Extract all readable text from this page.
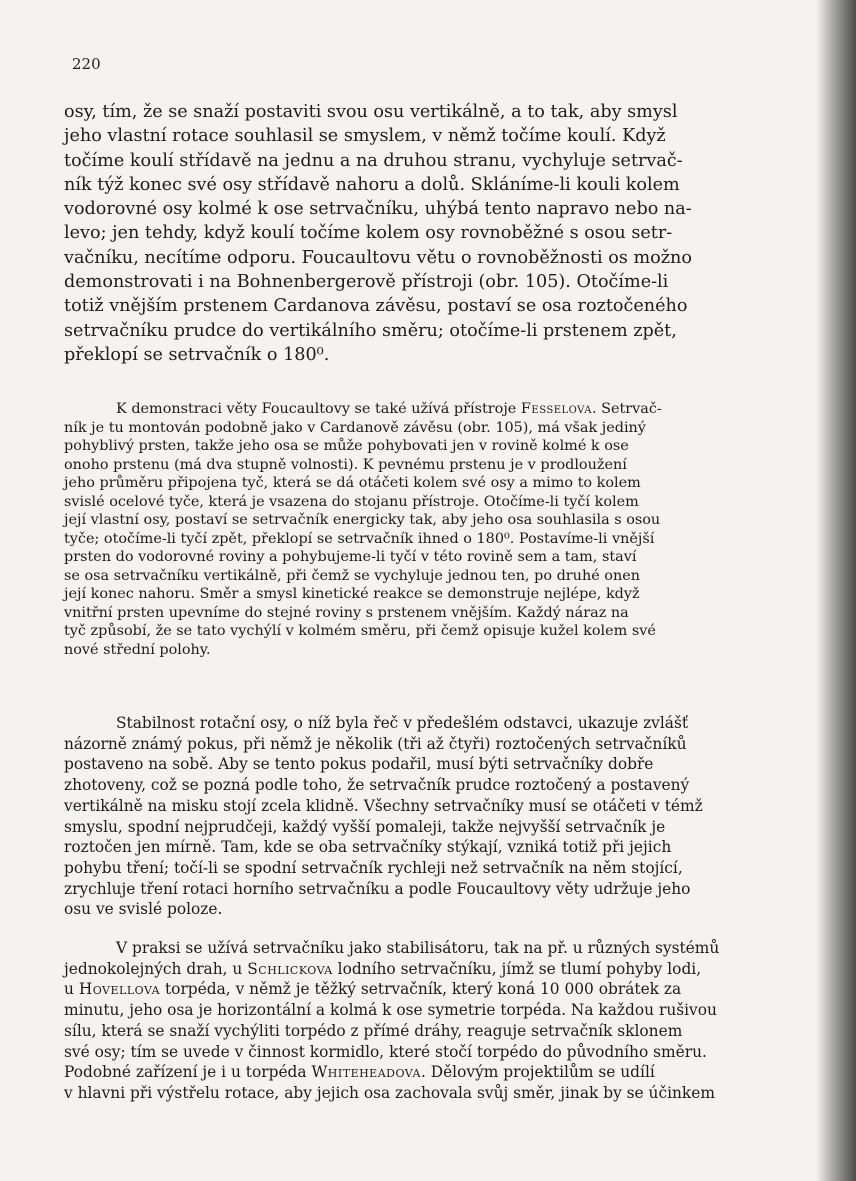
220
osy, tím, že se snaží postaviti svou osu vertikálně, a to tak, aby smysl
jeho vlastní rotace souhlasil se smyslem, v němž točíme koulí. Když
točíme koulí střídavě na jednu a na druhou stranu, vychyluje setrvač-
ník týž konec své osy střídavě nahoru a dolů. Skláníme-li kouli kolem
vodorovné osy kolmé k ose setrvačníku, uhýbá tento napravo nebo na-
levo; jen tehdy, když koulí točíme kolem osy rovnoběžné s osou setr-
vačníku, necítíme odporu. Foucaultovu větu o rovnoběžnosti os možno
demonstrovati i na Bohnenbergerově přístroji (obr. 105). Otočíme-li
totiž vnějším prstenem Cardanova závěsu, postaví se osa roztočeného
setrvačníku prudce do vertikálního směru; otočíme-li prstenem zpět,
překlopí se setrvačník o 180⁰.
K demonstraci věty Foucaultovy se také užívá přístroje Fesselova. Setrvač-
ník je tu montován podobně jako v Cardanově závěsu (obr. 105), má však jediný
pohyblivý prsten, takže jeho osa se může pohybovati jen v rovině kolmé k ose
onoho prstenu (má dva stupně volnosti). K pevnému prstenu je v prodloužení
jeho průměru připojena tyč, která se dá otáčeti kolem své osy a mimo to kolem
svislé ocelové tyče, která je vsazena do stojanu přístroje. Otočíme-li tyčí kolem
její vlastní osy, postaví se setrvačník energicky tak, aby jeho osa souhlasila s osou
tyče; otočíme-li tyčí zpět, překlopí se setrvačník ihned o 180⁰. Postavíme-li vnější
prsten do vodorovné roviny a pohybujeme-li tyčí v této rovině sem a tam, staví
se osa setrvačníku vertikálně, při čemž se vychyluje jednou ten, po druhé onen
její konec nahoru. Směr a smysl kinetické reakce se demonstruje nejlépe, když
vnitřní prsten upevníme do stejné roviny s prstenem vnějším. Každý náraz na
tyč způsobí, že se tato vychýlí v kolmém směru, při čemž opisuje kužel kolem své
nové střední polohy.
Stabilnost rotační osy, o níž byla řeč v předešlém odstavci, ukazuje zvlášť
názorně známý pokus, při němž je několik (tři až čtyři) roztočených setrvačníků
postaveno na sobě. Aby se tento pokus podařil, musí býti setrvačníky dobře
zhotoveny, což se pozná podle toho, že setrvačník prudce roztočený a postavený
vertikálně na misku stojí zcela klidně. Všechny setrvačníky musí se otáčeti v témž
smyslu, spodní nejprudčeji, každý vyšší pomaleji, takže nejvyšší setrvačník je
roztočen jen mírně. Tam, kde se oba setrvačníky stýkají, vzniká totiž při jejich
pohybu tření; točí-li se spodní setrvačník rychleji než setrvačník na něm stojící,
zrychluje tření rotaci horního setrvačníku a podle Foucaultovy věty udržuje jeho
osu ve svislé poloze.
V praksi se užívá setrvačníku jako stabilisátoru, tak na př. u různých systémů
jednokolejných drah, u Schlickova lodního setrvačníku, jímž se tlumí pohyby lodi,
u Hovellova torpéda, v němž je těžký setrvačník, který koná 10 000 obrátek za
minutu, jeho osa je horizontální a kolmá k ose symetrie torpéda. Na každou rušivou
sílu, která se snaží vychýliti torpédo z přímé dráhy, reaguje setrvačník sklonem
své osy; tím se uvede v činnost kormidlo, které stočí torpédo do původního směru.
Podobné zařízení je i u torpéda Whiteheadova. Dělovým projektilům se udílí
v hlavni při výstřelu rotace, aby jejich osa zachovala svůj směr, jinak by se účinkem
